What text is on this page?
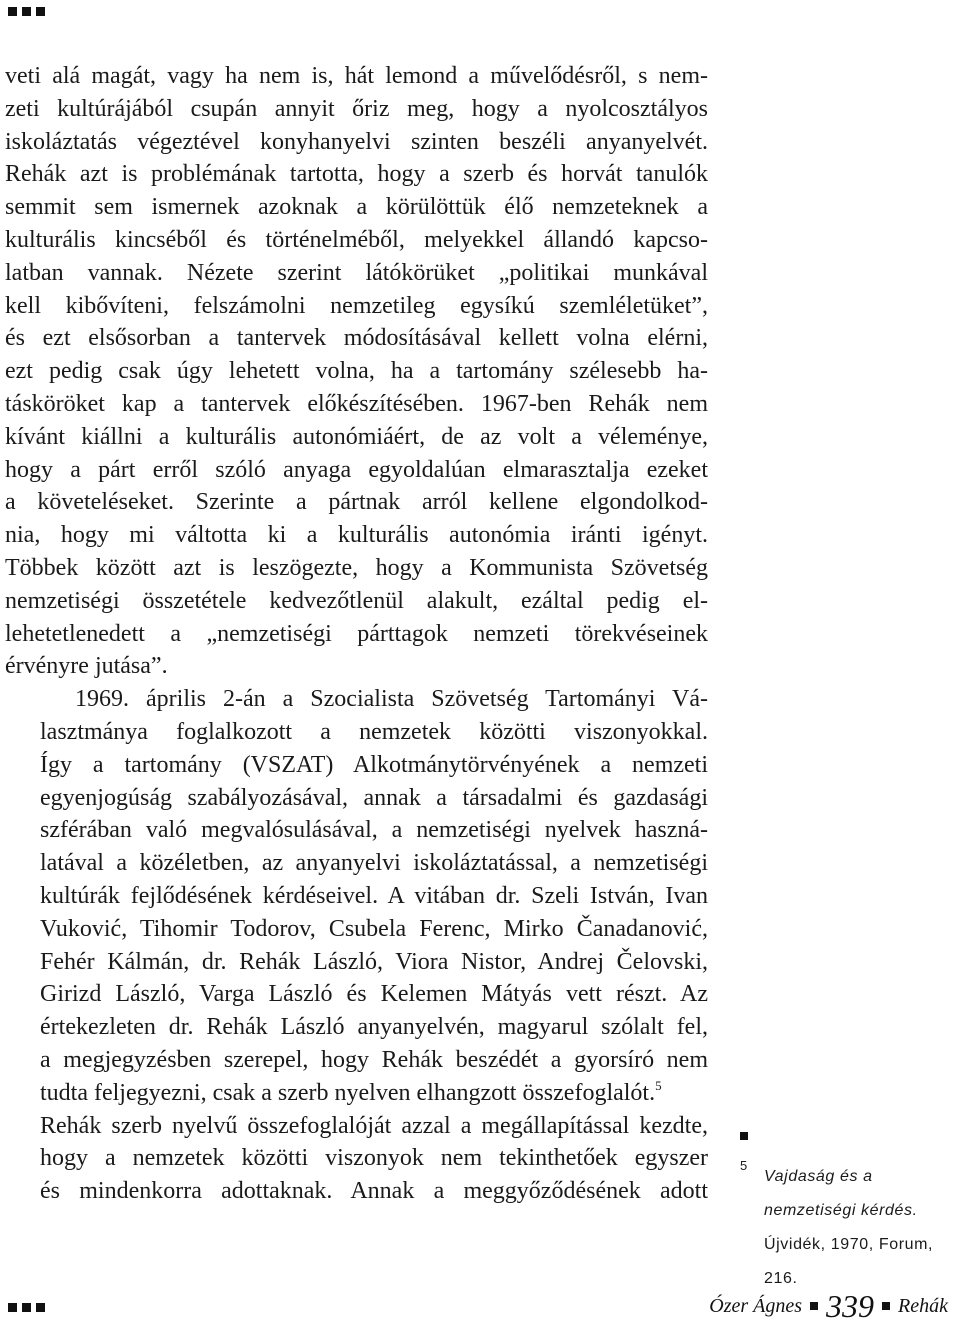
veti alá magát, vagy ha nem is, hát lemond a művelődésről, s nem-
zeti kultúrájából csupán annyit őriz meg, hogy a nyolcosztályos
iskoláztatás végeztével konyhanyelvi szinten beszéli anyanyelvét.
Rehák azt is problémának tartotta, hogy a szerb és horvát tanulók
semmit sem ismernek azoknak a körülöttük élő nemzeteknek a
kulturális kincséből és történelméből, melyekkel állandó kapcso-
latban vannak. Nézete szerint látókörüket „politikai munkával
kell kibővíteni, felszámolni nemzetileg egysíkú szemléletüket”,
és ezt elsősorban a tantervek módosításával kellett volna elérni,
ezt pedig csak úgy lehetett volna, ha a tartomány szélesebb ha-
tásköröket kap a tantervek előkészítésében. 1967-ben Rehák nem
kívánt kiállni a kulturális autonómiáért, de az volt a véleménye,
hogy a párt erről szóló anyaga egyoldalúan elmarasztalja ezeket
a követeléseket. Szerinte a pártnak arról kellene elgondolkod-
nia, hogy mi váltotta ki a kulturális autonómia iránti igényt.
Többek között azt is leszögezte, hogy a Kommunista Szövetség
nemzetiségi összetétele kedvezőtlenül alakult, ezáltal pedig el-
lehetetlenedett a „nemzetiségi párttagok nemzeti törekvéseinek
érvényre jutása”.

1969. április 2-án a Szocialista Szövetség Tartományi Vá-
lasztmánya foglalkozott a nemzetek közötti viszonyokkal.
Így a tartomány (VSZAT) Alkotmánytörvényének a nemzeti
egyenjogúság szabályozásával, annak a társadalmi és gazdasági
szférában való megvalósulásával, a nemzetiségi nyelvek haszná-
latával a közéletben, az anyanyelvi iskoláztatással, a nemzetiségi
kultúrák fejlődésének kérdéseivel. A vitában dr. Szeli István, Ivan
Vuković, Tihomir Todorov, Csubela Ferenc, Mirko Čanadanović,
Fehér Kálmán, dr. Rehák László, Viora Nistor, Andrej Čelovski,
Girizd László, Varga László és Kelemen Mátyás vett részt. Az
értekezleten dr. Rehák László anyanyelvén, magyarul szólalt fel,
a megjegyzésben szerepel, hogy Rehák beszédét a gyorsíró nem
tudta feljegyezni, csak a szerb nyelven elhangzott összefoglalót.$^5$
Rehák szerb nyelvű összefoglalóját azzal a megállapítással kezdte,
hogy a nemzetek közötti viszonyok nem tekinthetőek egyszer
és mindenkorra adottaknak. Annak a meggyőződésének adott

5
Vajdaság és a nemzetiségi kérdés. Újvidék, 1970, Forum, 216.
Ózer Ágnes 339 Rehák
